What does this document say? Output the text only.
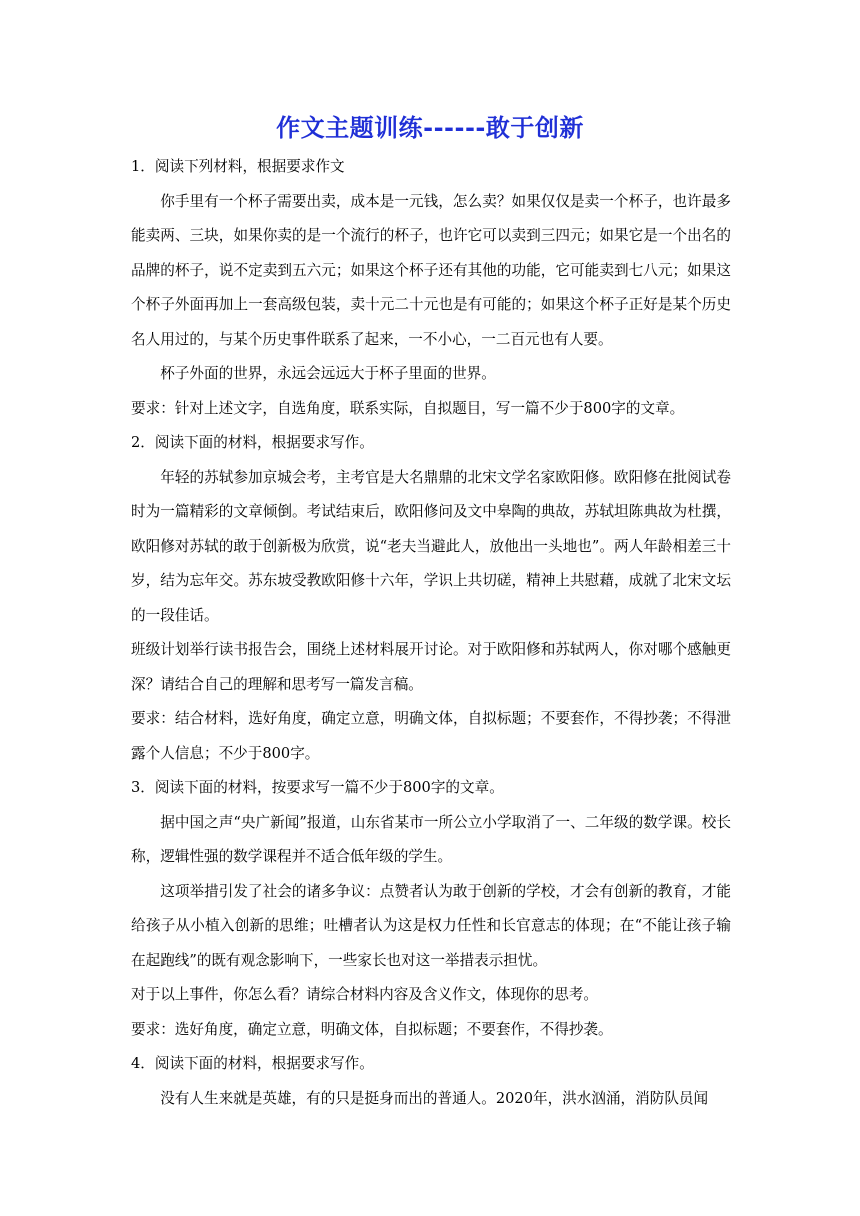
作文主题训练------敢于创新

1．阅读下列材料，根据要求作文

你手里有一个杯子需要出卖，成本是一元钱，怎么卖？如果仅仅是卖一个杯子，也许最多能卖两、三块，如果你卖的是一个流行的杯子，也许它可以卖到三四元；如果它是一个出名的品牌的杯子，说不定卖到五六元；如果这个杯子还有其他的功能，它可能卖到七八元；如果这个杯子外面再加上一套高级包装，卖十元二十元也是有可能的；如果这个杯子正好是某个历史名人用过的，与某个历史事件联系了起来，一不小心，一二百元也有人要。

杯子外面的世界，永远会远远大于杯子里面的世界。

要求：针对上述文字，自选角度，联系实际，自拟题目，写一篇不少于800字的文章。

2．阅读下面的材料，根据要求写作。

年轻的苏轼参加京城会考，主考官是大名鼎鼎的北宋文学名家欧阳修。欧阳修在批阅试卷时为一篇精彩的文章倾倒。考试结束后，欧阳修问及文中皋陶的典故，苏轼坦陈典故为杜撰，欧阳修对苏轼的敢于创新极为欣赏，说“老夫当避此人，放他出一头地也”。两人年龄相差三十岁，结为忘年交。苏东坡受教欧阳修十六年，学识上共切磋，精神上共慰藉，成就了北宋文坛的一段佳话。

班级计划举行读书报告会，围绕上述材料展开讨论。对于欧阳修和苏轼两人，你对哪个感触更深？请结合自己的理解和思考写一篇发言稿。

要求：结合材料，选好角度，确定立意，明确文体，自拟标题；不要套作，不得抄袭；不得泄露个人信息；不少于800字。

3．阅读下面的材料，按要求写一篇不少于800字的文章。

据中国之声“央广新闻”报道，山东省某市一所公立小学取消了一、二年级的数学课。校长称，逻辑性强的数学课程并不适合低年级的学生。

这项举措引发了社会的诸多争议：点赞者认为敢于创新的学校，才会有创新的教育，才能给孩子从小植入创新的思维；吐槽者认为这是权力任性和长官意志的体现；在“不能让孩子输在起跑线”的既有观念影响下，一些家长也对这一举措表示担忧。

对于以上事件，你怎么看？请综合材料内容及含义作文，体现你的思考。

要求：选好角度，确定立意，明确文体，自拟标题；不要套作，不得抄袭。

4．阅读下面的材料，根据要求写作。

没有人生来就是英雄，有的只是挺身而出的普通人。2020年，洪水汹涌，消防队员闻
